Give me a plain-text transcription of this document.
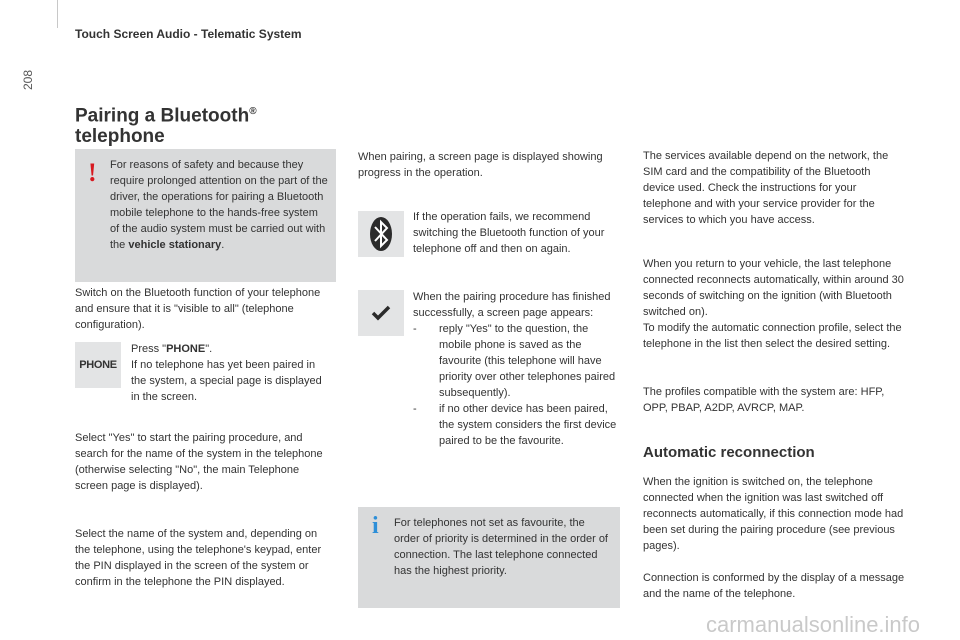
208
Touch Screen Audio - Telematic System
Pairing a Bluetooth®
telephone
! For reasons of safety and because they require prolonged attention on the part of the driver, the operations for pairing a Bluetooth mobile telephone to the hands-free system of the audio system must be carried out with the vehicle stationary.

Switch on the Bluetooth function of your telephone and ensure that it is "visible to all" (telephone configuration).

PHONE

Press "PHONE".
If no telephone has yet been paired in the system, a special page is displayed in the screen.

Select "Yes" to start the pairing procedure, and search for the name of the system in the telephone (otherwise selecting "No", the main Telephone screen page is displayed).

Select the name of the system and, depending on the telephone, using the telephone's keypad, enter the PIN displayed in the screen of the system or confirm in the telephone the PIN displayed.

When pairing, a screen page is displayed showing progress in the operation.

If the operation fails, we recommend switching the Bluetooth function of your telephone off and then on again.

When the pairing procedure has finished successfully, a screen page appears:
- reply "Yes" to the question, the mobile phone is saved as the favourite (this telephone will have priority over other telephones paired subsequently).
- if no other device has been paired, the system considers the first device paired to be the favourite.
i For telephones not set as favourite, the order of priority is determined in the order of connection. The last telephone connected has the highest priority.

The services available depend on the network, the SIM card and the compatibility of the Bluetooth device used. Check the instructions for your telephone and with your service provider for the services to which you have access.

When you return to your vehicle, the last telephone connected reconnects automatically, within around 30 seconds of switching on the ignition (with Bluetooth switched on).

To modify the automatic connection profile, select the telephone in the list then select the desired setting.

The profiles compatible with the system are: HFP, OPP, PBAP, A2DP, AVRCP, MAP.

Automatic reconnection

When the ignition is switched on, the telephone connected when the ignition was last switched off reconnects automatically, if this connection mode had been set during the pairing procedure (see previous pages).

Connection is conformed by the display of a message and the name of the telephone.

carmanualsonline.info
